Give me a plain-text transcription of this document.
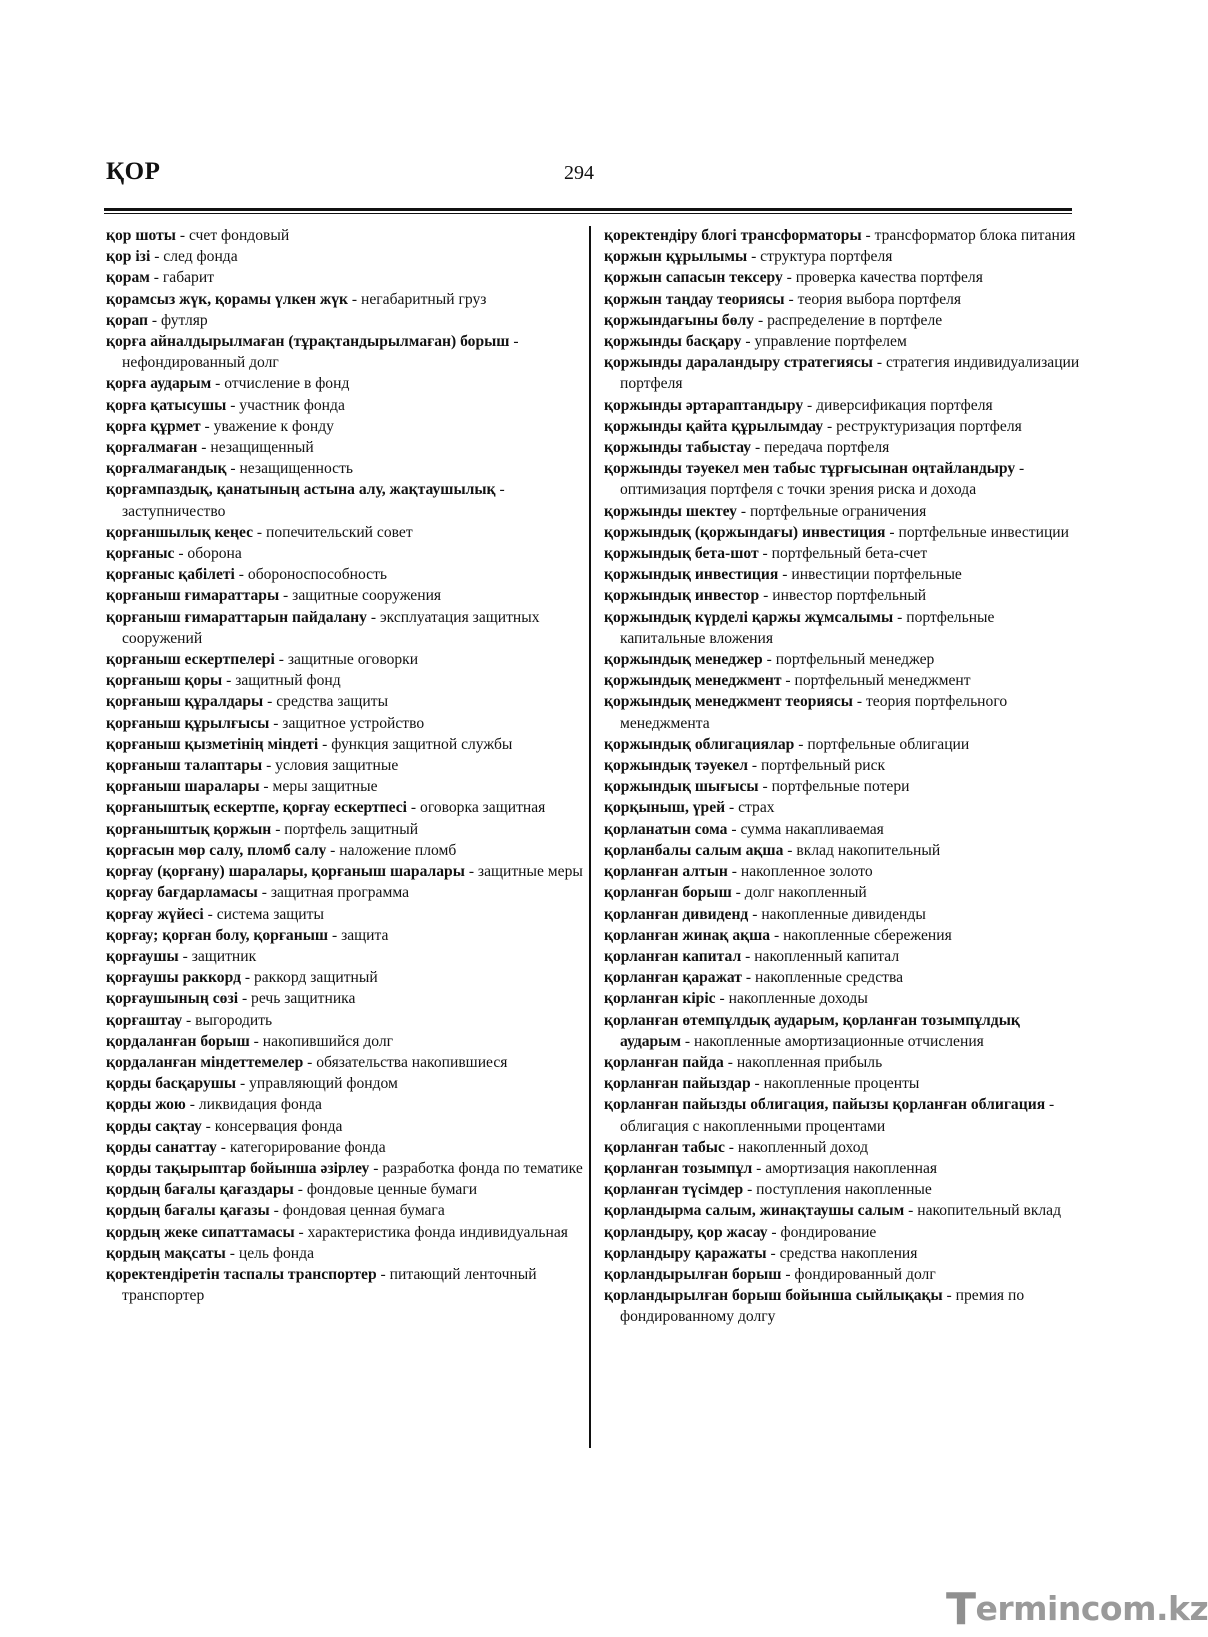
ҚОР	294
қор шоты - счет фондовый
қор ізі - след фонда
қорам - габарит
қорамсыз жүк, қорамы үлкен жүк - негабаритный груз
қорап - футляр
қорға айналдырылмаған (тұрақтандырылмаған) борыш - нефондированный долг
қорға аударым - отчисление в фонд
қорға қатысушы - участник фонда
қорға құрмет - уважение к фонду
қорғалмаған - незащищенный
қорғалмағандық - незащищенность
қорғампаздық, қанатының астына алу, жақтаушылық - заступничество
қорғаншылық кеңес - попечительский совет
қорғаныс - оборона
қорғаныс қабілеті - обороноспособность
қорғаныш ғимараттары - защитные сооружения
қорғаныш ғимараттарын пайдалану - эксплуатация защитных сооружений
қорғаныш ескертпелері - защитные оговорки
қорғаныш қоры - защитный фонд
қорғаныш құралдары - средства защиты
қорғаныш құрылғысы - защитное устройство
қорғаныш қызметінің міндеті - функция защитной службы
қорғаныш талаптары - условия защитные
қорғаныш шаралары - меры защитные
қорғаныштық ескертпе, қорғау ескертпесі - оговорка защитная
қорғаныштық қоржын - портфель защитный
қорғасын мөр салу, пломб салу - наложение пломб
қорғау (қорғану) шаралары, қорғаныш шаралары - защитные меры
қорғау бағдарламасы - защитная программа
қорғау жүйесі - система защиты
қорғау; қорған болу, қорғаныш - защита
қорғаушы - защитник
қорғаушы раккорд - раккорд защитный
қорғаушының сөзі - речь защитника
қорғаштау - выгородить
қордаланған борыш - накопившийся долг
қордаланған міндеттемелер - обязательства накопившиеся
қорды басқарушы - управляющий фондом
қорды жою - ликвидация фонда
қорды сақтау - консервация фонда
қорды санаттау - категорирование фонда
қорды тақырыптар бойынша әзірлеу - разработка фонда по тематике
қордың бағалы қағаздары - фондовые ценные бумаги
қордың бағалы қағазы - фондовая ценная бумага
қордың жеке сипаттамасы - характеристика фонда индивидуальная
қордың мақсаты - цель фонда
қоректендіретін таспалы транспортер - питающий ленточный транспортер
қоректендіру блогі трансформаторы - трансформатор блока питания
қоржын құрылымы - структура портфеля
қоржын сапасын тексеру - проверка качества портфеля
қоржын таңдау теориясы - теория выбора портфеля
қоржындағыны бөлу - распределение в портфеле
қоржынды басқару - управление портфелем
қоржынды дараландыру стратегиясы - стратегия индивидуализации портфеля
қоржынды әртараптандыру - диверсификация портфеля
қоржынды қайта құрылымдау - реструктуризация портфеля
қоржынды табыстау - передача портфеля
қоржынды тәуекел мен табыс тұрғысынан оңтайландыру - оптимизация портфеля с точки зрения риска и дохода
қоржынды шектеу - портфельные ограничения
қоржындық (қоржындағы) инвестиция - портфельные инвестиции
қоржындық бета-шот - портфельный бета-счет
қоржындық инвестиция - инвестиции портфельные
қоржындық инвестор - инвестор портфельный
қоржындық күрделі қаржы жұмсалымы - портфельные капитальные вложения
қоржындық менеджер - портфельный менеджер
қоржындық менеджмент - портфельный менеджмент
қоржындық менеджмент теориясы - теория портфельного менеджмента
қоржындық облигациялар - портфельные облигации
қоржындық тәуекел - портфельный риск
қоржындық шығысы - портфельные потери
қорқыныш, үрей - страх
қорланатын сома - сумма накапливаемая
қорланбалы салым ақша - вклад накопительный
қорланған алтын - накопленное золото
қорланған борыш - долг накопленный
қорланған дивиденд - накопленные дивиденды
қорланған жинақ ақша - накопленные сбережения
қорланған капитал - накопленный капитал
қорланған қаражат - накопленные средства
қорланған кіріс - накопленные доходы
қорланған өтемпұлдық аударым, қорланған тозымпұлдық аударым - накопленные амортизационные отчисления
қорланған пайда - накопленная прибыль
қорланған пайыздар - накопленные проценты
қорланған пайызды облигация, пайызы қорланған облигация - облигация с накопленными процентами
қорланған табыс - накопленный доход
қорланған тозымпұл - амортизация накопленная
қорланған түсімдер - поступления накопленные
қорландырма салым, жинақтаушы салым - накопительный вклад
қорландыру, қор жасау - фондирование
қорландыру қаражаты - средства накопления
қорландырылған борыш - фондированный долг
қорландырылған борыш бойынша сыйлықақы - премия по фондированному долгу
Termincom.kz
